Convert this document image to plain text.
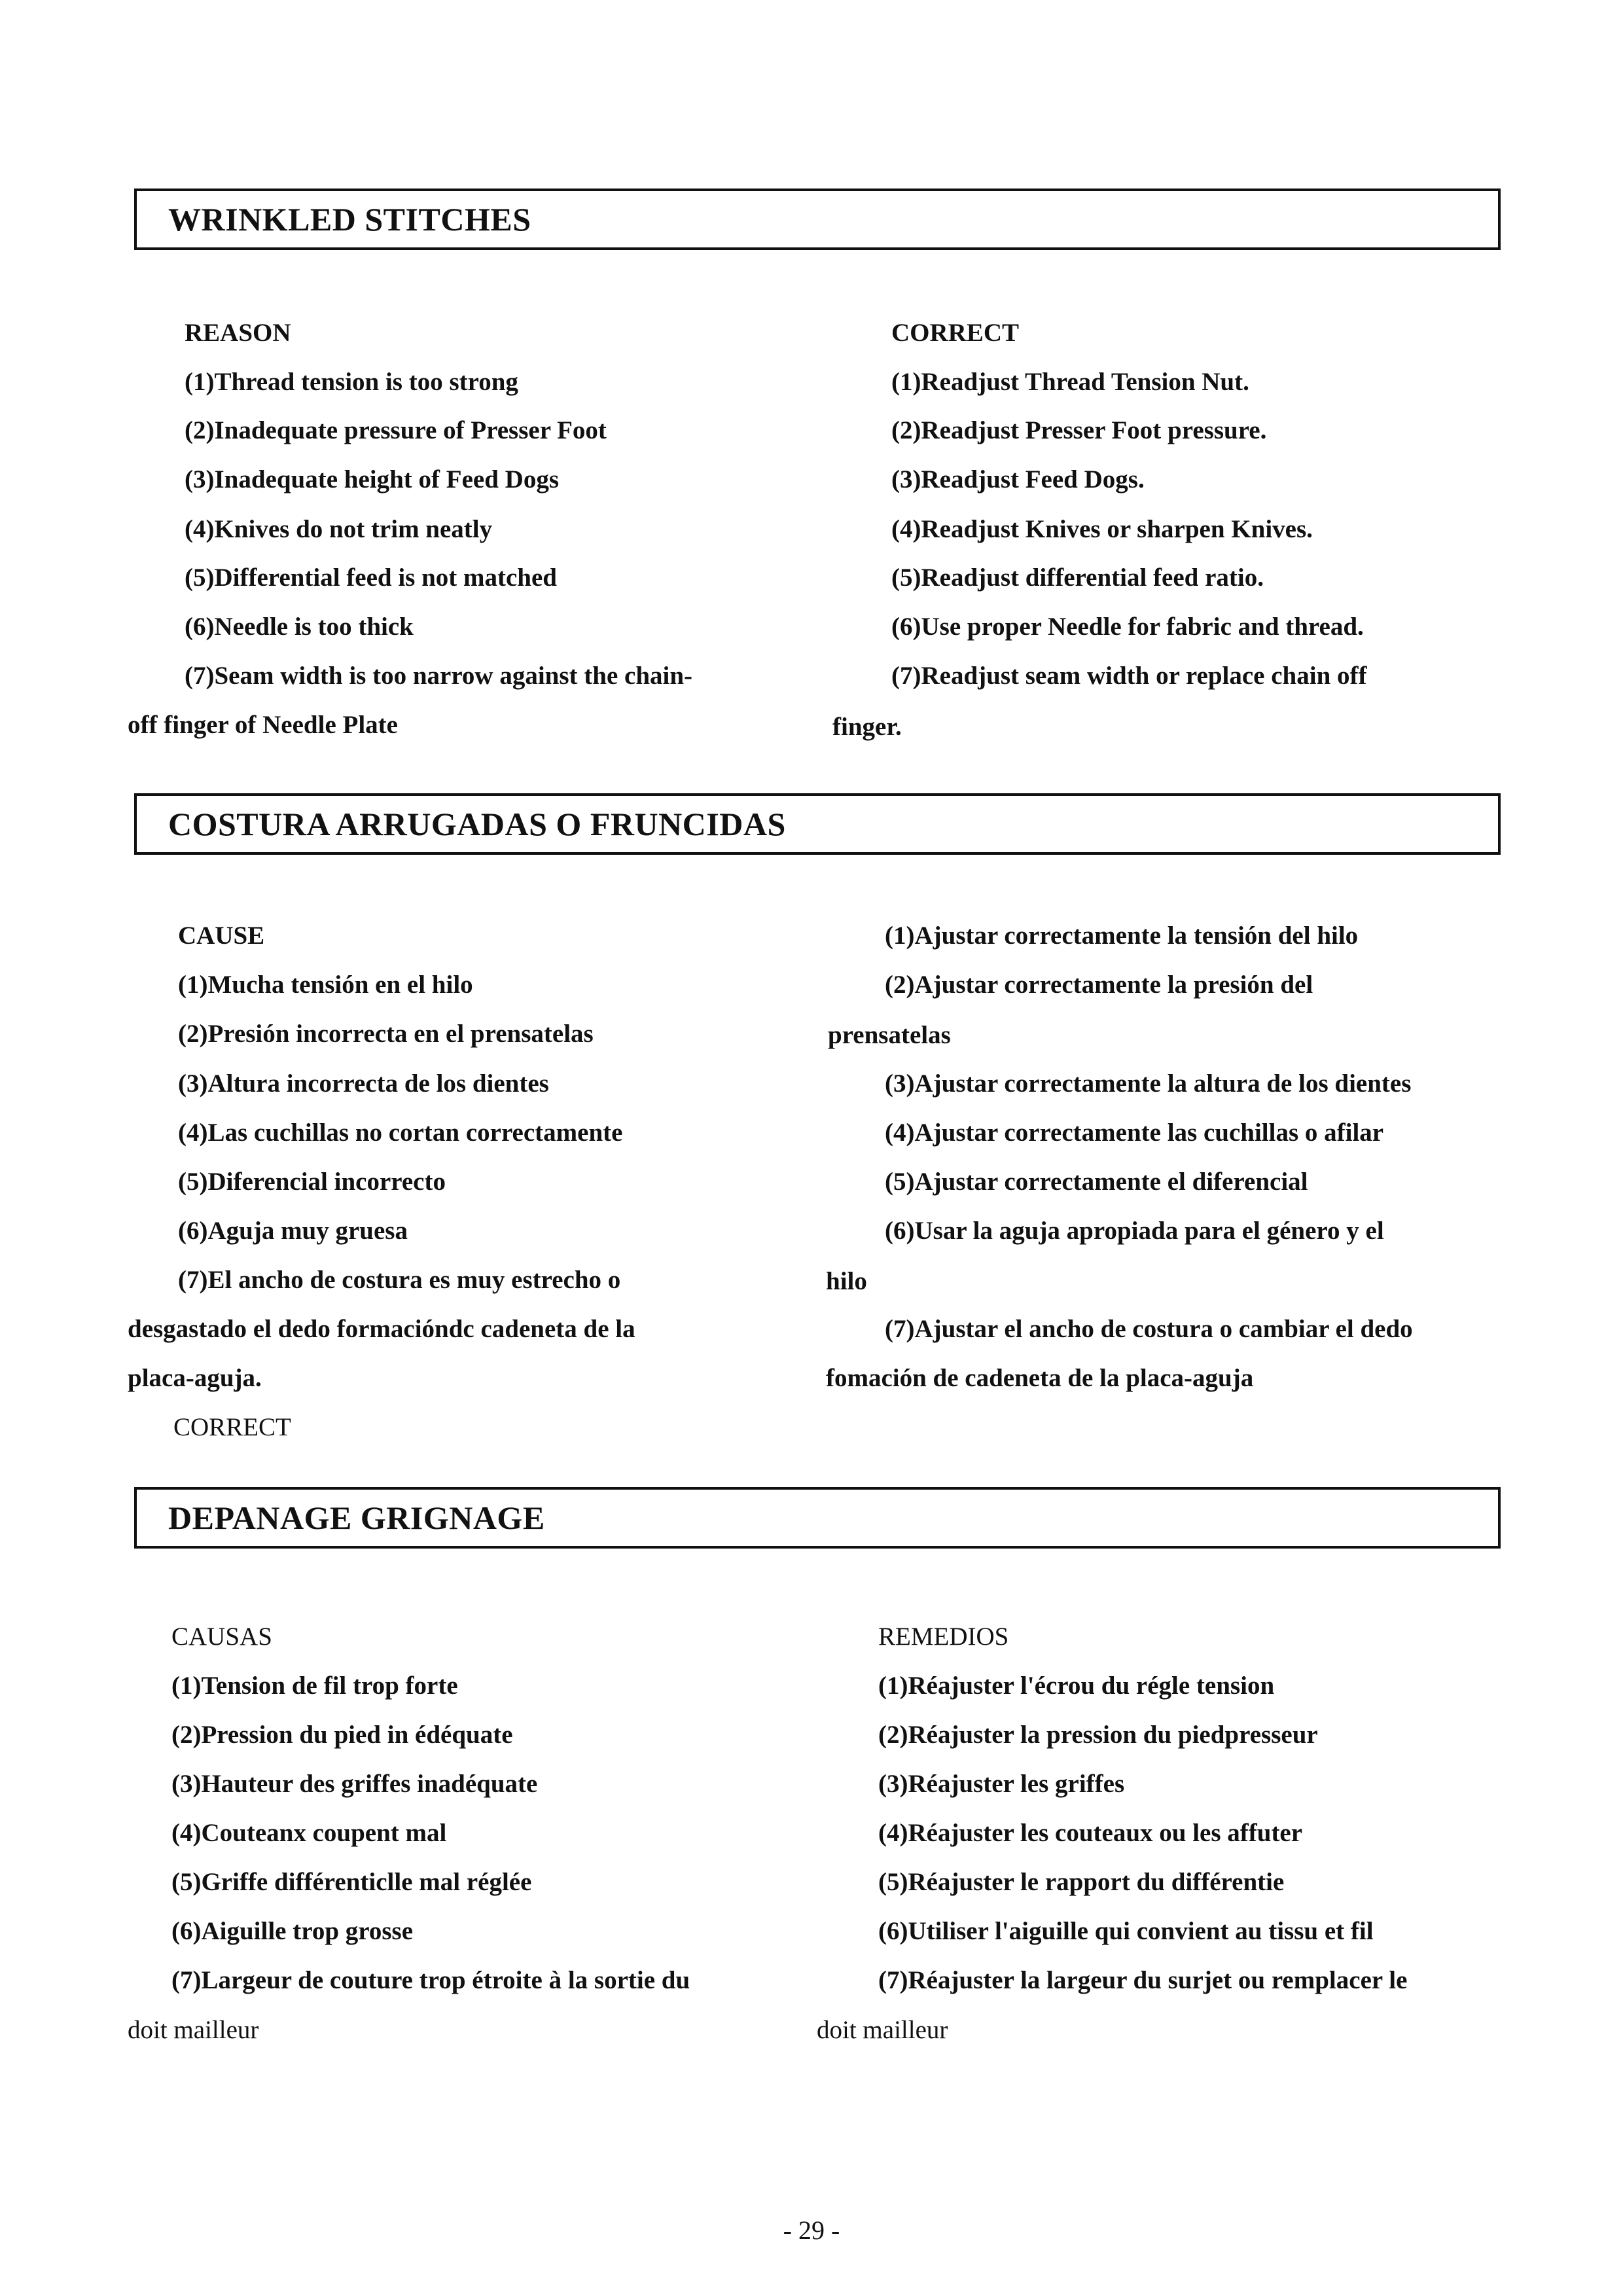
WRINKLED STITCHES
REASON	CORRECT
(1)Thread tension is too strong
(2)Inadequate pressure of Presser Foot
(3)Inadequate height of Feed Dogs
(4)Knives do not trim neatly
(5)Differential feed is not matched
(6)Needle is too thick
(7)Seam width is too narrow against the chain-
off finger of Needle Plate
(1)Readjust Thread Tension Nut.
(2)Readjust Presser Foot pressure.
(3)Readjust Feed Dogs.
(4)Readjust Knives or sharpen Knives.
(5)Readjust differential feed ratio.
(6)Use proper Needle for fabric and thread.
(7)Readjust seam width or replace chain off
finger.
COSTURA ARRUGADAS O FRUNCIDAS
CAUSE
(1)Mucha tensión en el hilo
(2)Presión incorrecta en el prensatelas
(3)Altura incorrecta de los dientes
(4)Las cuchillas no cortan correctamente
(5)Diferencial incorrecto
(6)Aguja muy gruesa
(7)El ancho de costura es muy estrecho o
desgastado el dedo formacióndc cadeneta de la
placa-aguja.
CORRECT
(1)Ajustar correctamente la tensión del hilo
(2)Ajustar correctamente la presión del
prensatelas
(3)Ajustar correctamente la altura de los dientes
(4)Ajustar correctamente las cuchillas o afilar
(5)Ajustar correctamente el diferencial
(6)Usar la aguja apropiada para el género y el
hilo
(7)Ajustar el ancho de costura o cambiar el dedo
fomación de cadeneta de la placa-aguja
DEPANAGE GRIGNAGE
CAUSAS	REMEDIOS
(1)Tension de fil trop forte
(2)Pression du pied in édéquate
(3)Hauteur des griffes inadéquate
(4)Couteanx coupent mal
(5)Griffe différenticlle mal réglée
(6)Aiguille trop grosse
(7)Largeur de couture trop étroite à la sortie du
doit mailleur
(1)Réajuster l'écrou du régle tension
(2)Réajuster la pression du piedpresseur
(3)Réajuster les griffes
(4)Réajuster les couteaux ou les affuter
(5)Réajuster le rapport du différentie
(6)Utiliser l'aiguille qui convient au tissu et fil
(7)Réajuster la largeur du surjet ou remplacer le
doit mailleur
- 29 -
